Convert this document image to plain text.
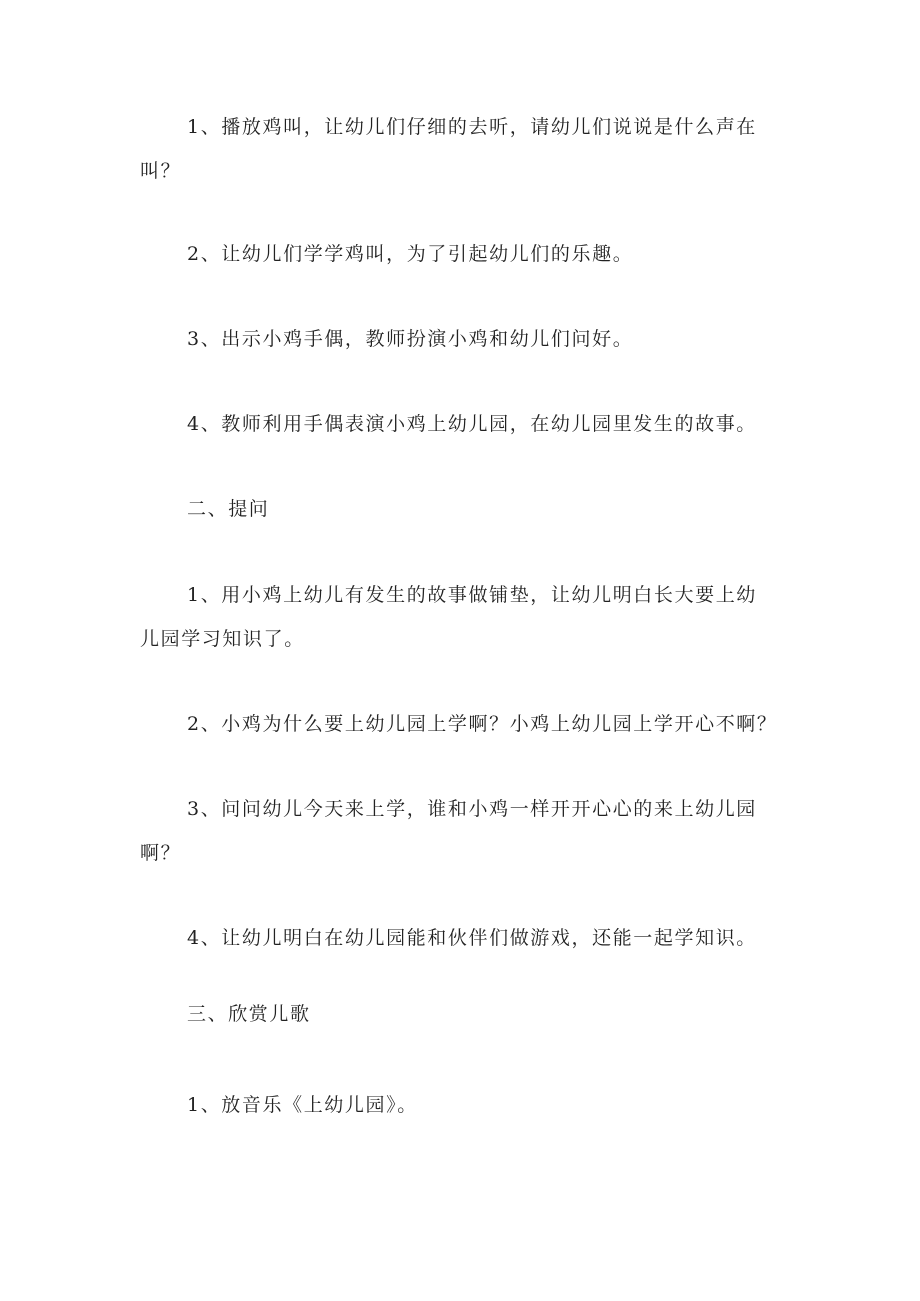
1、播放鸡叫，让幼儿们仔细的去听，请幼儿们说说是什么声在

叫？

2、让幼儿们学学鸡叫，为了引起幼儿们的乐趣。

3、出示小鸡手偶，教师扮演小鸡和幼儿们问好。

4、教师利用手偶表演小鸡上幼儿园，在幼儿园里发生的故事。

二、提问

1、用小鸡上幼儿有发生的故事做铺垫，让幼儿明白长大要上幼

儿园学习知识了。

2、小鸡为什么要上幼儿园上学啊？小鸡上幼儿园上学开心不啊？

3、问问幼儿今天来上学，谁和小鸡一样开开心心的来上幼儿园

啊？

4、让幼儿明白在幼儿园能和伙伴们做游戏，还能一起学知识。

三、欣赏儿歌

1、放音乐《上幼儿园》。
